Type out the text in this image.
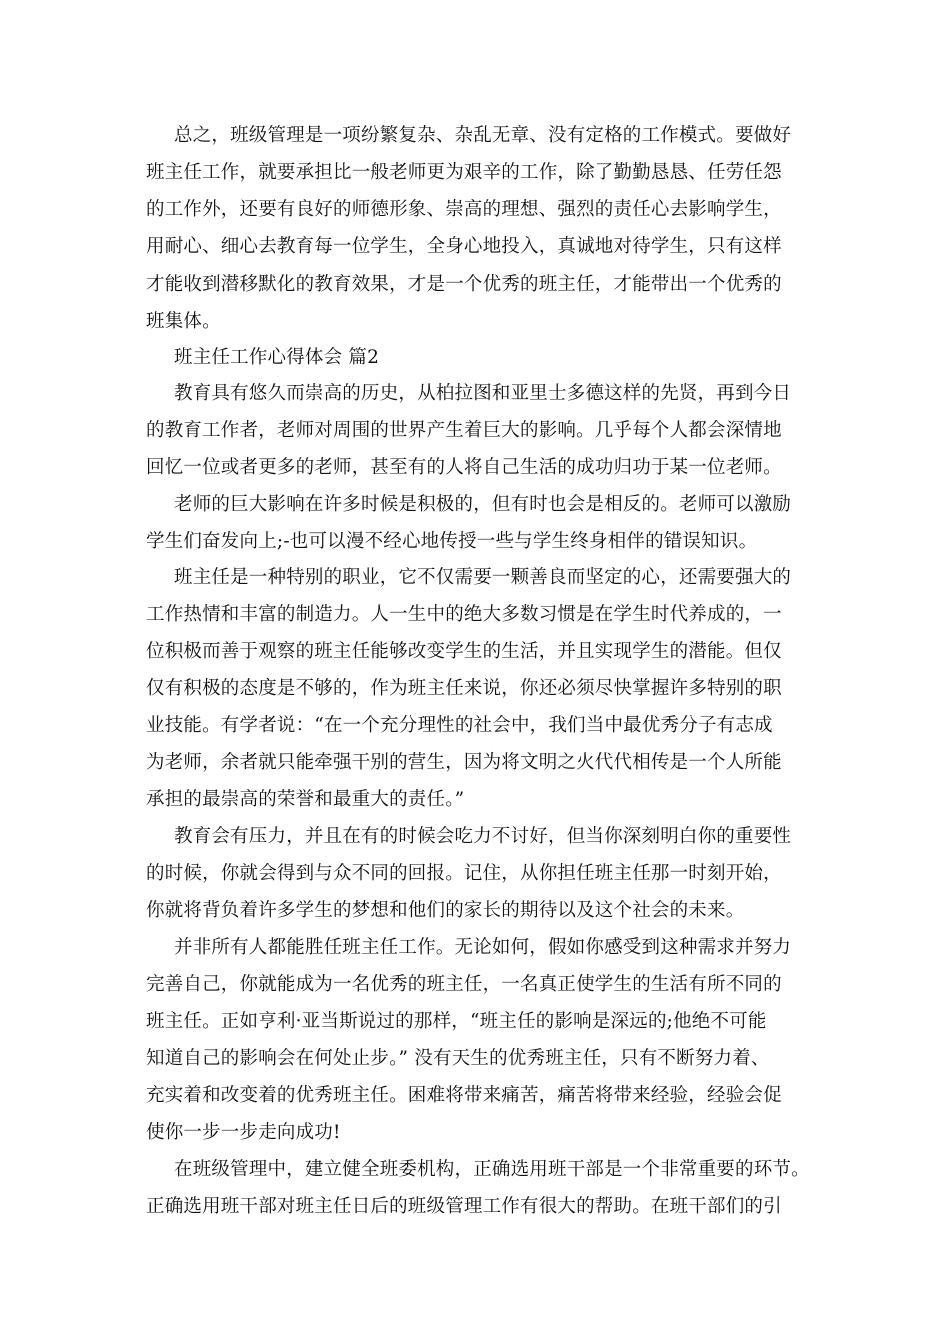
总之，班级管理是一项纷繁复杂、杂乱无章、没有定格的工作模式。要做好
班主任工作，就要承担比一般老师更为艰辛的工作，除了勤勤恳恳、任劳任怨
的工作外，还要有良好的师德形象、崇高的理想、强烈的责任心去影响学生，
用耐心、细心去教育每一位学生，全身心地投入，真诚地对待学生，只有这样
才能收到潜移默化的教育效果，才是一个优秀的班主任，才能带出一个优秀的
班集体。
班主任工作心得体会 篇2
教育具有悠久而崇高的历史，从柏拉图和亚里士多德这样的先贤，再到今日
的教育工作者，老师对周围的世界产生着巨大的影响。几乎每个人都会深情地
回忆一位或者更多的老师，甚至有的人将自己生活的成功归功于某一位老师。
老师的巨大影响在许多时候是积极的，但有时也会是相反的。老师可以激励
学生们奋发向上;-也可以漫不经心地传授一些与学生终身相伴的错误知识。
班主任是一种特别的职业，它不仅需要一颗善良而坚定的心，还需要强大的
工作热情和丰富的制造力。人一生中的绝大多数习惯是在学生时代养成的，一
位积极而善于观察的班主任能够改变学生的生活，并且实现学生的潜能。但仅
仅有积极的态度是不够的，作为班主任来说，你还必须尽快掌握许多特别的职
业技能。有学者说：“在一个充分理性的社会中，我们当中最优秀分子有志成
为老师，余者就只能牵强干别的营生，因为将文明之火代代相传是一个人所能
承担的最崇高的荣誉和最重大的责任。”
教育会有压力，并且在有的时候会吃力不讨好，但当你深刻明白你的重要性
的时候，你就会得到与众不同的回报。记住，从你担任班主任那一时刻开始，
你就将背负着许多学生的梦想和他们的家长的期待以及这个社会的未来。
并非所有人都能胜任班主任工作。无论如何，假如你感受到这种需求并努力
完善自己，你就能成为一名优秀的班主任，一名真正使学生的生活有所不同的
班主任。正如亨利·亚当斯说过的那样，“班主任的影响是深远的;他绝不可能
知道自己的影响会在何处止步。” 没有天生的优秀班主任，只有不断努力着、
充实着和改变着的优秀班主任。困难将带来痛苦，痛苦将带来经验，经验会促
使你一步一步走向成功!
在班级管理中，建立健全班委机构，正确选用班干部是一个非常重要的环节。
正确选用班干部对班主任日后的班级管理工作有很大的帮助。在班干部们的引
